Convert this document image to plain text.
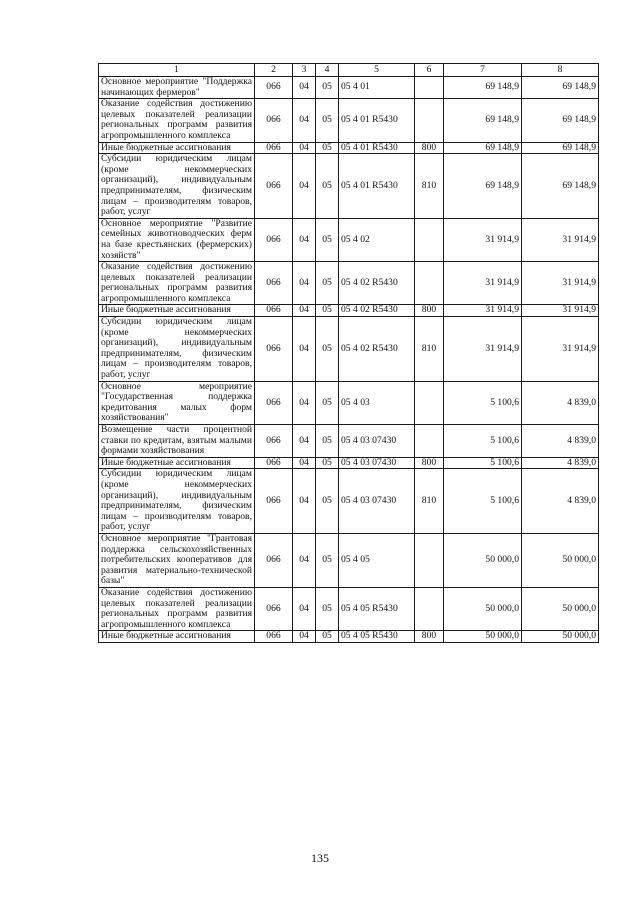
1	2	3	4	5	6	7	8
Основное мероприятие "Поддержка начинающих фермеров"	066	04	05	05 4 01		69 148,9	69 148,9
Оказание содействия достижению целевых показателей реализации региональных программ развития агропромышленного комплекса	066	04	05	05 4 01 R5430		69 148,9	69 148,9
Иные бюджетные ассигнования	066	04	05	05 4 01 R5430	800	69 148,9	69 148,9
Субсидии юридическим лицам (кроме некоммерческих организаций), индивидуальным предпринимателям, физическим лицам – производителям товаров, работ, услуг	066	04	05	05 4 01 R5430	810	69 148,9	69 148,9
Основное мероприятие "Развитие семейных животноводческих ферм на базе крестьянских (фермерских) хозяйств"	066	04	05	05 4 02		31 914,9	31 914,9
Оказание содействия достижению целевых показателей реализации региональных программ развития агропромышленного комплекса	066	04	05	05 4 02 R5430		31 914,9	31 914,9
Иные бюджетные ассигнования	066	04	05	05 4 02 R5430	800	31 914,9	31 914,9
Субсидии юридическим лицам (кроме некоммерческих организаций), индивидуальным предпринимателям, физическим лицам – производителям товаров, работ, услуг	066	04	05	05 4 02 R5430	810	31 914,9	31 914,9
Основное мероприятие "Государственная поддержка кредитования малых форм хозяйствования"	066	04	05	05 4 03		5 100,6	4 839,0
Возмещение части процентной ставки по кредитам, взятым малыми формами хозяйствования	066	04	05	05 4 03 07430		5 100,6	4 839,0
Иные бюджетные ассигнования	066	04	05	05 4 03 07430	800	5 100,6	4 839,0
Субсидии юридическим лицам (кроме некоммерческих организаций), индивидуальным предпринимателям, физическим лицам – производителям товаров, работ, услуг	066	04	05	05 4 03 07430	810	5 100,6	4 839,0
Основное мероприятие "Грантовая поддержка сельскохозяйственных потребительских кооперативов для развития материально-технической базы"	066	04	05	05 4 05		50 000,0	50 000,0
Оказание содействия достижению целевых показателей реализации региональных программ развития агропромышленного комплекса	066	04	05	05 4 05 R5430		50 000,0	50 000,0
Иные бюджетные ассигнования	066	04	05	05 4 05 R5430	800	50 000,0	50 000,0
135
